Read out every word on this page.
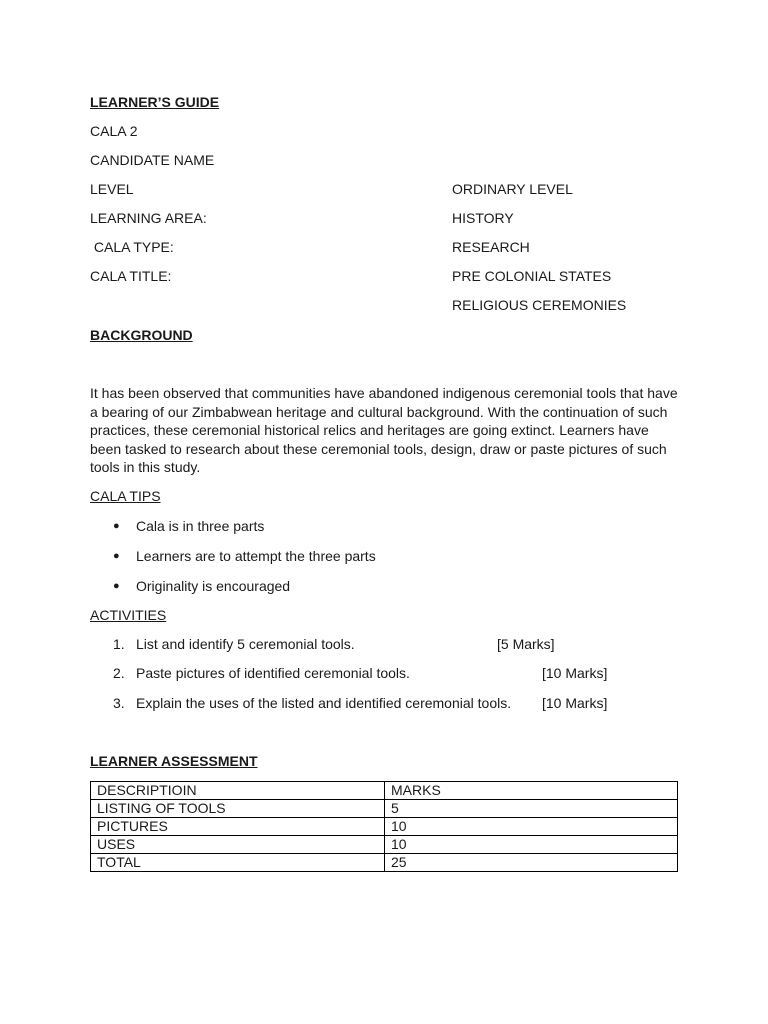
LEARNER’S GUIDE
CALA 2
CANDIDATE NAME
LEVEL	ORDINARY LEVEL
LEARNING AREA:	HISTORY
CALA TYPE:	RESEARCH
CALA TITLE:	PRE COLONIAL STATES
RELIGIOUS CEREMONIES
BACKGROUND
It has been observed that communities have abandoned indigenous ceremonial tools that have a bearing of our Zimbabwean heritage and cultural background. With the continuation of such practices, these ceremonial historical relics and heritages are going extinct. Learners have been tasked to research about these ceremonial tools, design, draw or paste pictures of such tools in this study.
CALA TIPS
● Cala is in three parts
● Learners are to attempt the three parts
● Originality is encouraged
ACTIVITIES
1. List and identify 5 ceremonial tools.	[5 Marks]
2. Paste pictures of identified ceremonial tools.	[10 Marks]
3. Explain the uses of the listed and identified ceremonial tools. [10 Marks]
LEARNER ASSESSMENT
DESCRIPTIOIN	MARKS
LISTING OF TOOLS	5
PICTURES	10
USES	10
TOTAL	25
